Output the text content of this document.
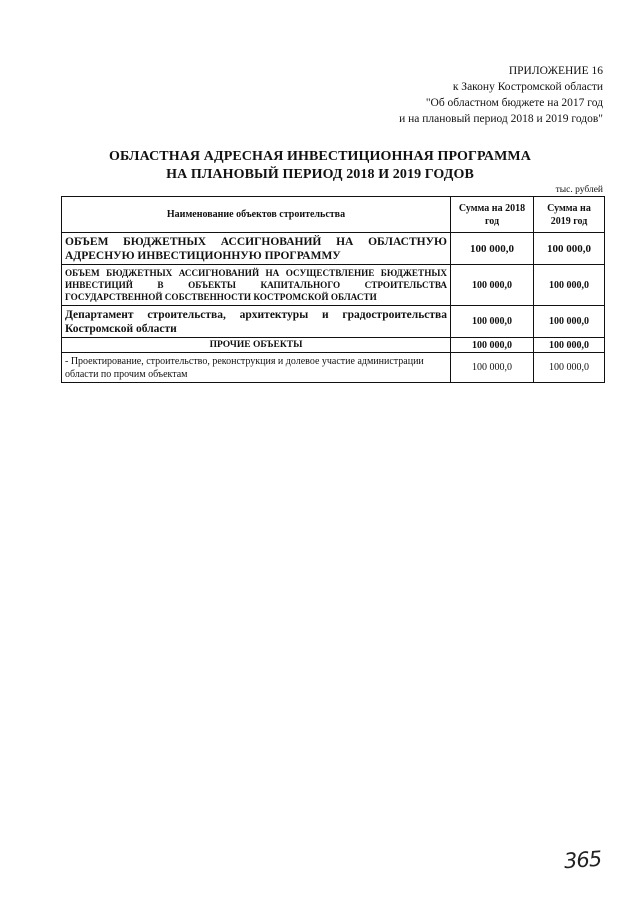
ПРИЛОЖЕНИЕ 16
к Закону Костромской области
"Об областном бюджете на 2017 год
и на плановый период 2018 и 2019 годов"
ОБЛАСТНАЯ АДРЕСНАЯ ИНВЕСТИЦИОННАЯ ПРОГРАММА
НА ПЛАНОВЫЙ ПЕРИОД 2018 И 2019 ГОДОВ
тыс. рублей
Наименование объектов строительства	Сумма на 2018 год	Сумма на 2019 год
ОБЪЕМ БЮДЖЕТНЫХ АССИГНОВАНИЙ НА ОБЛАСТНУЮ АДРЕСНУЮ ИНВЕСТИЦИОННУЮ ПРОГРАММУ	100 000,0	100 000,0
ОБЪЕМ БЮДЖЕТНЫХ АССИГНОВАНИЙ НА ОСУЩЕСТВЛЕНИЕ БЮДЖЕТНЫХ ИНВЕСТИЦИЙ В ОБЪЕКТЫ КАПИТАЛЬНОГО СТРОИТЕЛЬСТВА ГОСУДАРСТВЕННОЙ СОБСТВЕННОСТИ КОСТРОМСКОЙ ОБЛАСТИ	100 000,0	100 000,0
Департамент строительства, архитектуры и градостроительства Костромской области	100 000,0	100 000,0
ПРОЧИЕ ОБЪЕКТЫ	100 000,0	100 000,0
- Проектирование, строительство, реконструкция и долевое участие администрации области по прочим объектам	100 000,0	100 000,0
365
